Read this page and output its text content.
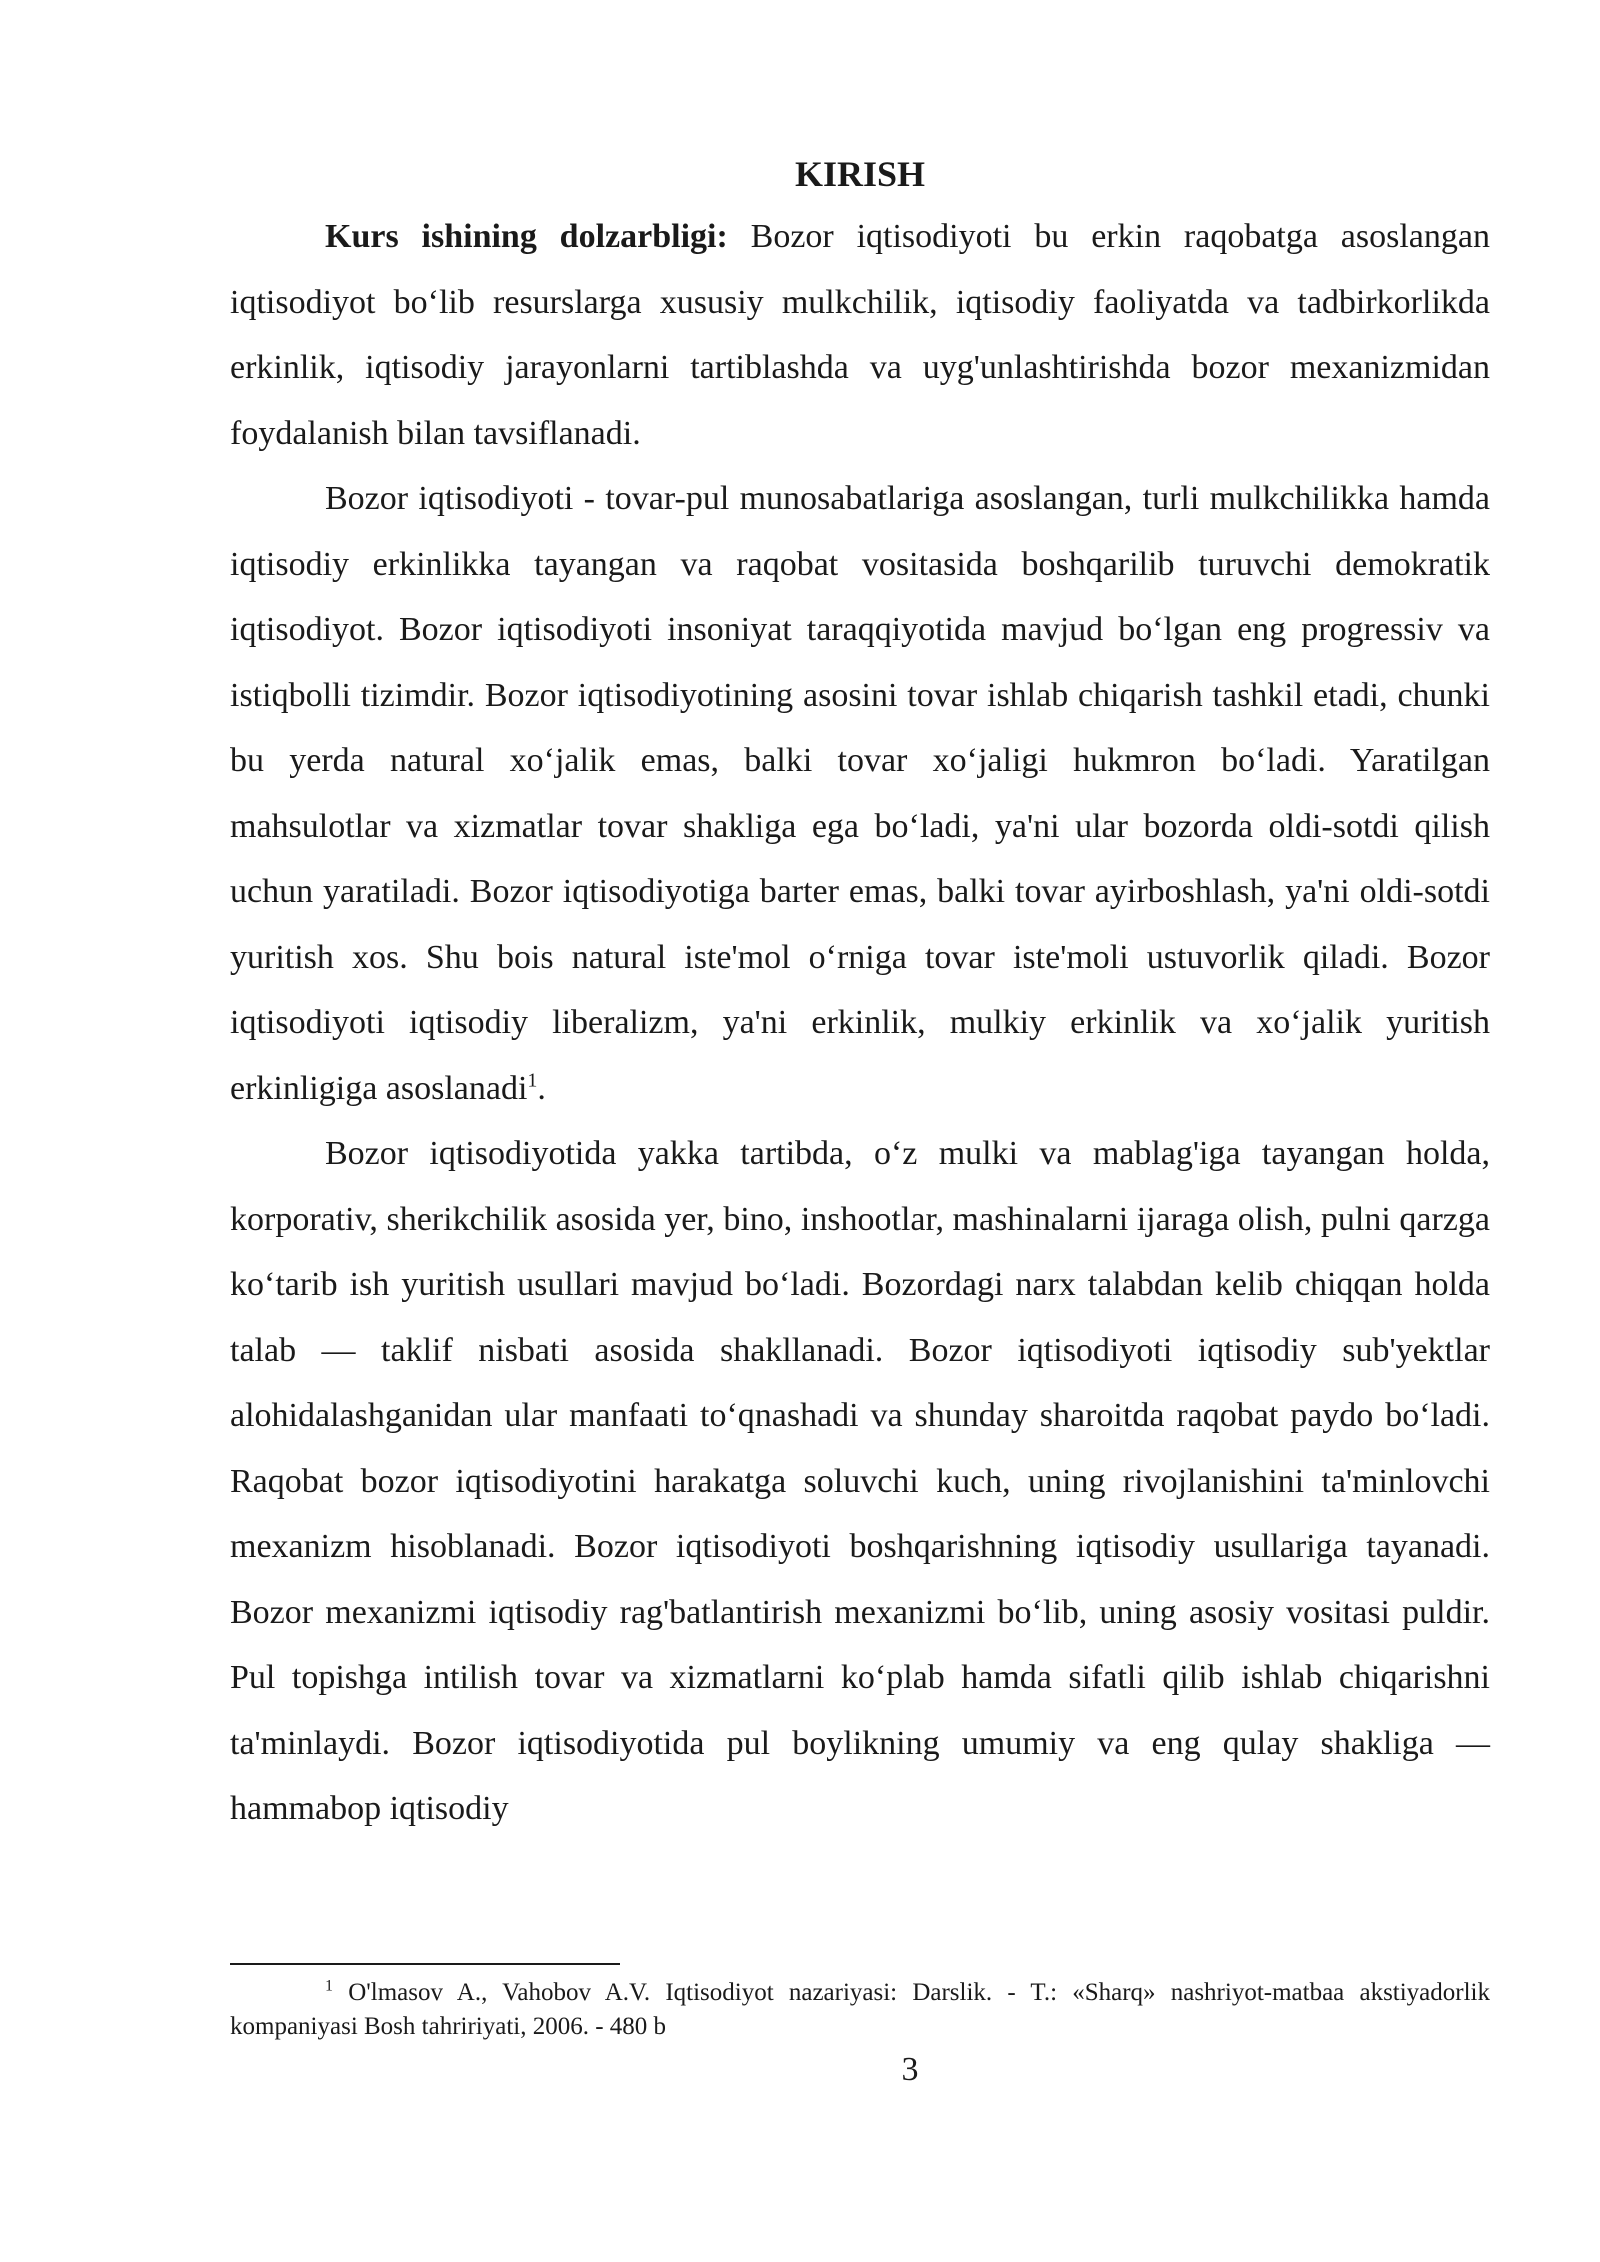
KIRISH

Kurs ishining dolzarbligi: Bozor iqtisodiyoti bu erkin raqobatga asoslangan iqtisodiyot bo‘lib resurslarga xususiy mulkchilik, iqtisodiy faoliyatda va tadbirkorlikda erkinlik, iqtisodiy jarayonlarni tartiblashda va uyg'unlashtirishda bozor mexanizmidan foydalanish bilan tavsiflanadi.

Bozor iqtisodiyoti - tovar-pul munosabatlariga asoslangan, turli mulkchilikka hamda iqtisodiy erkinlikka tayangan va raqobat vositasida boshqarilib turuvchi demokratik iqtisodiyot. Bozor iqtisodiyoti insoniyat taraqqiyotida mavjud bo‘lgan eng progressiv va istiqbolli tizimdir. Bozor iqtisodiyotining asosini tovar ishlab chiqarish tashkil etadi, chunki bu yerda natural xo‘jalik emas, balki tovar xo‘jaligi hukmron bo‘ladi. Yaratilgan mahsulotlar va xizmatlar tovar shakliga ega bo‘ladi, ya'ni ular bozorda oldi-sotdi qilish uchun yaratiladi. Bozor iqtisodiyotiga barter emas, balki tovar ayirboshlash, ya'ni oldi-sotdi yuritish xos. Shu bois natural iste'mol o‘rniga tovar iste'moli ustuvorlik qiladi. Bozor iqtisodiyoti iqtisodiy liberalizm, ya'ni erkinlik, mulkiy erkinlik va xo‘jalik yuritish erkinligiga asoslanadi$^1$.

Bozor iqtisodiyotida yakka tartibda, o‘z mulki va mablag'iga tayangan holda, korporativ, sherikchilik asosida yer, bino, inshootlar, mashinalarni ijaraga olish, pulni qarzga ko‘tarib ish yuritish usullari mavjud bo‘ladi. Bozordagi narx talabdan kelib chiqqan holda talab — taklif nisbati asosida shakllanadi. Bozor iqtisodiyoti iqtisodiy sub'yektlar alohidalashganidan ular manfaati to‘qnashadi va shunday sharoitda raqobat paydo bo‘ladi. Raqobat bozor iqtisodiyotini harakatga soluvchi kuch, uning rivojlanishini ta'minlovchi mexanizm hisoblanadi. Bozor iqtisodiyoti boshqarishning iqtisodiy usullariga tayanadi. Bozor mexanizmi iqtisodiy rag'batlantirish mexanizmi bo‘lib, uning asosiy vositasi puldir. Pul topishga intilish tovar va xizmatlarni ko‘plab hamda sifatli qilib ishlab chiqarishni ta'minlaydi. Bozor iqtisodiyotida pul boylikning umumiy va eng qulay shakliga — hammabop iqtisodiy

$^1$ O'lmasov A., Vahobov A.V. Iqtisodiyot nazariyasi: Darslik. - T.: «Sharq» nashriyot-matbaa akstiyadorlik kompaniyasi Bosh tahririyati, 2006. - 480 b

3
